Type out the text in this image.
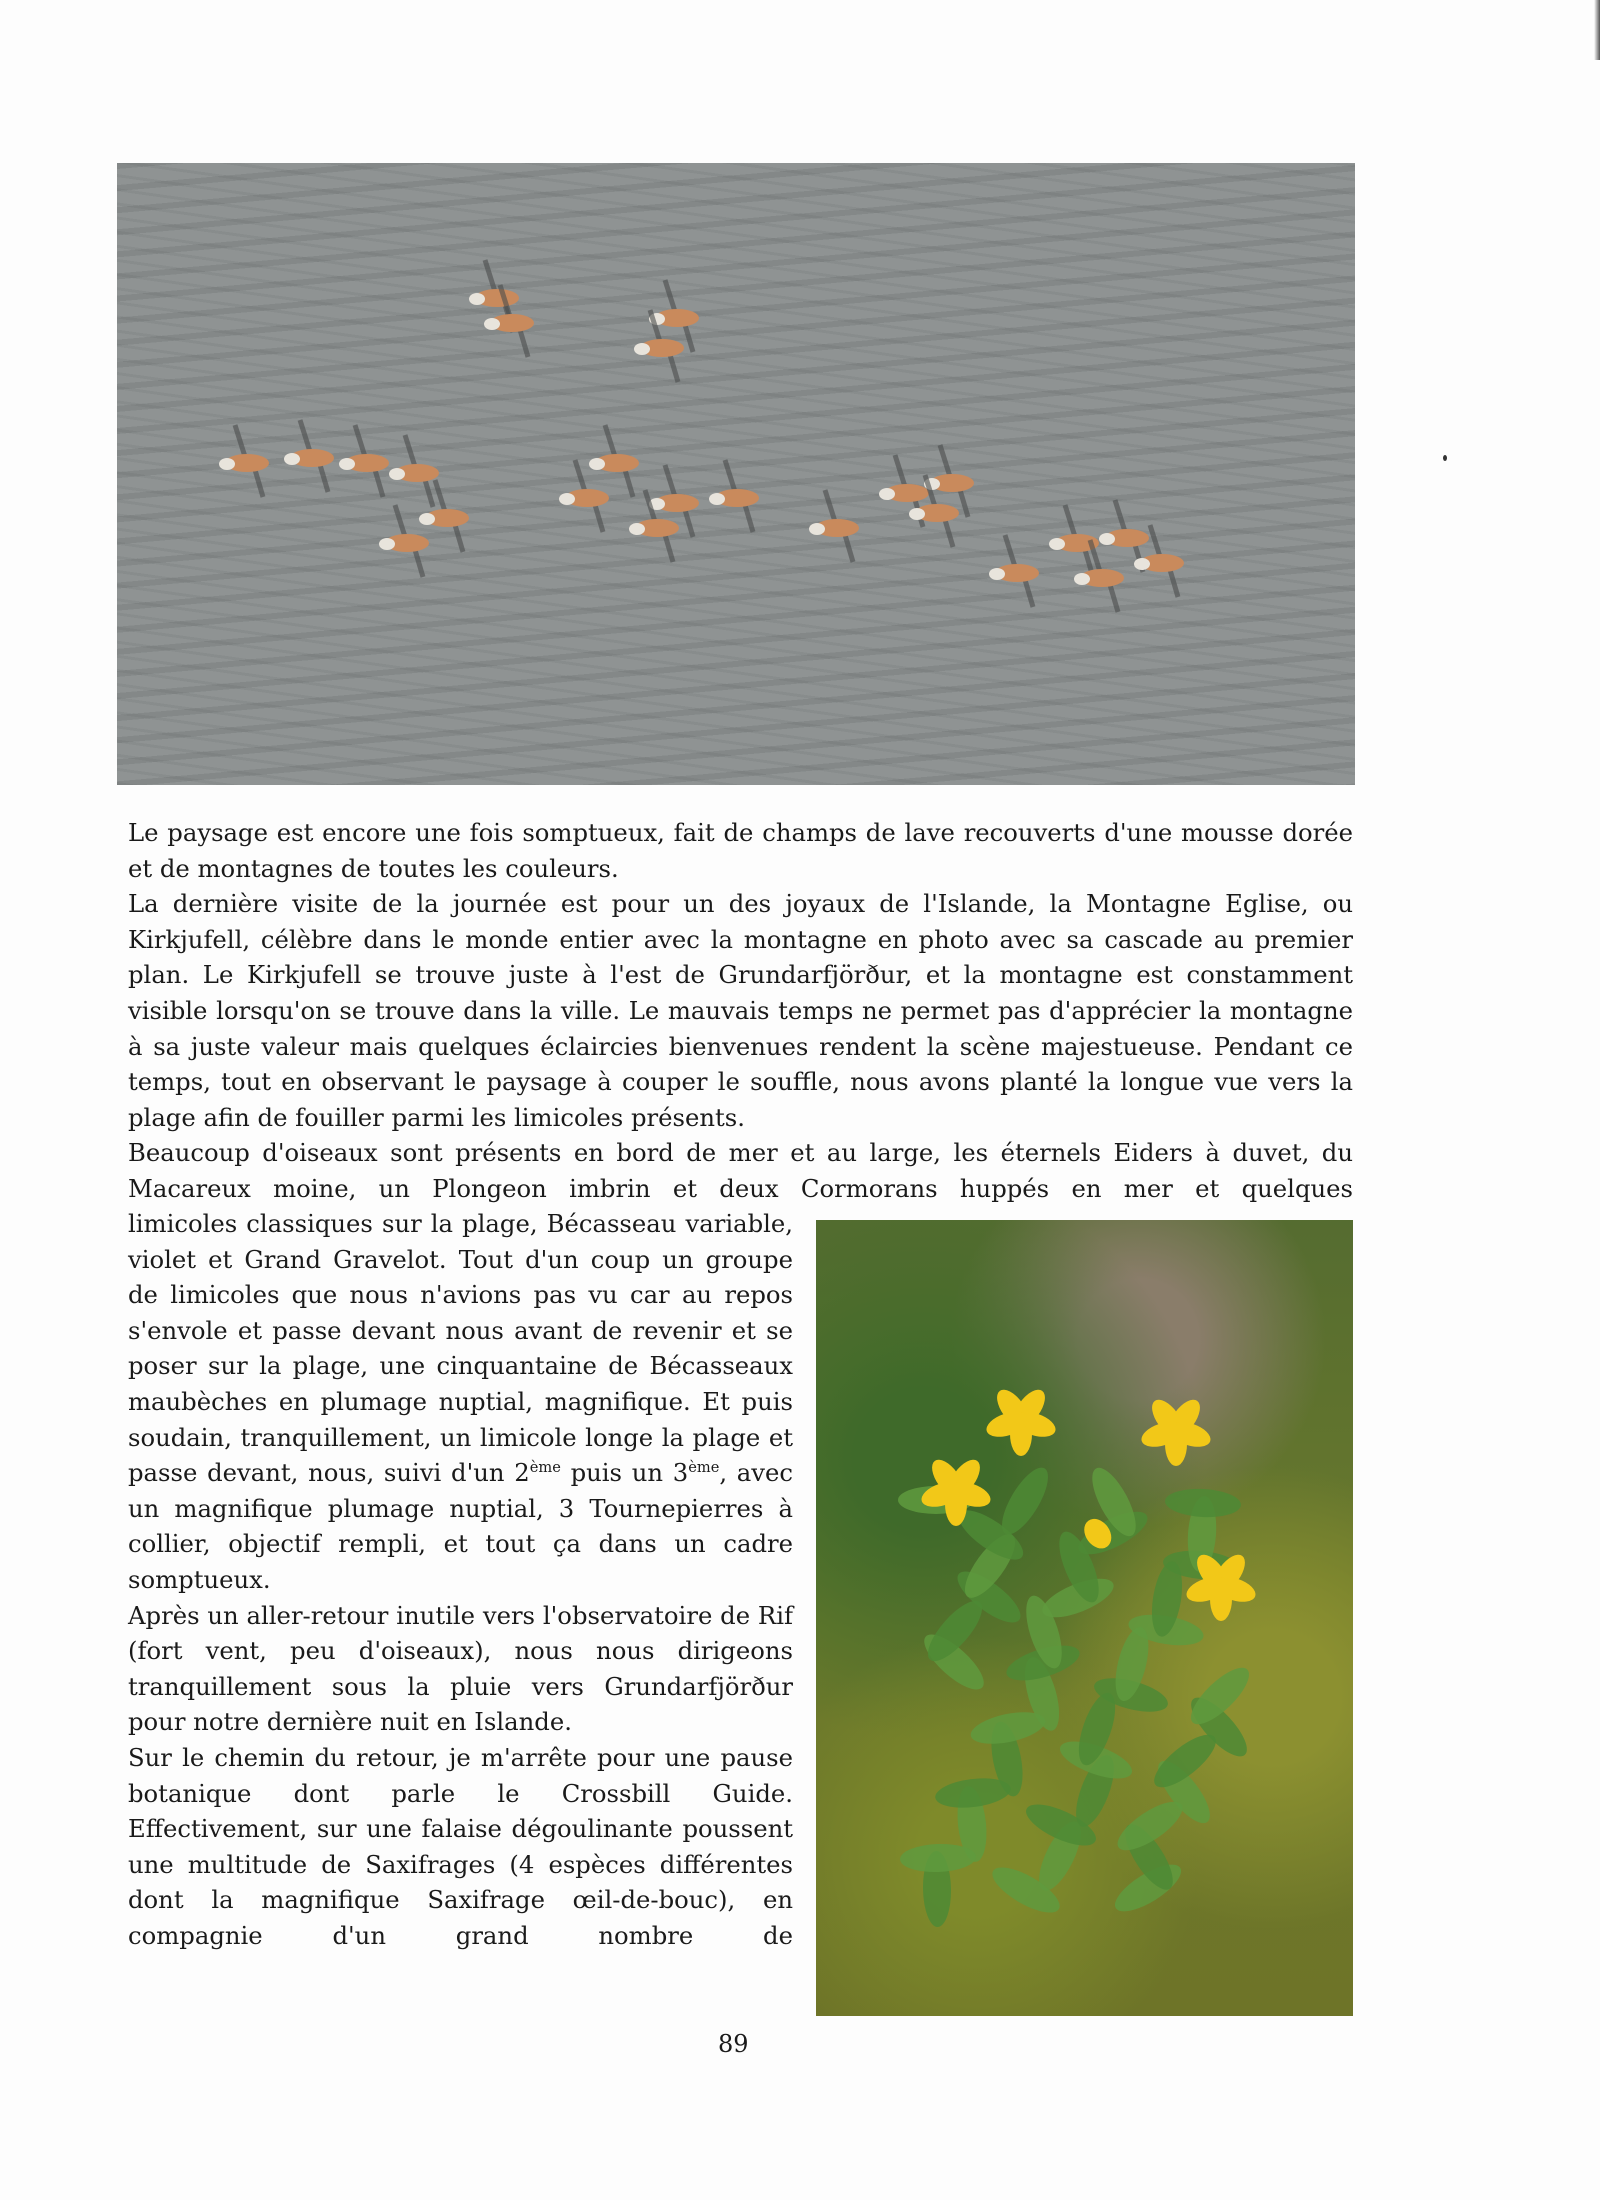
Le paysage est encore une fois somptueux, fait de champs de lave recouverts d'une mousse dorée et de montagnes de toutes les couleurs.

La dernière visite de la journée est pour un des joyaux de l'Islande, la Montagne Eglise, ou Kirkjufell, célèbre dans le monde entier avec la montagne en photo avec sa cascade au premier plan. Le Kirkjufell se trouve juste à l'est de Grundarfjörður, et la montagne est constamment visible lorsqu'on se trouve dans la ville. Le mauvais temps ne permet pas d'apprécier la montagne à sa juste valeur mais quelques éclaircies bienvenues rendent la scène majestueuse. Pendant ce temps, tout en observant le paysage à couper le souffle, nous avons planté la longue vue vers la plage afin de fouiller parmi les limicoles présents.

Beaucoup d'oiseaux sont présents en bord de mer et au large, les éternels Eiders à duvet, du Macareux moine, un Plongeon imbrin et deux Cormorans huppés en mer et quelques

limicoles classiques sur la plage, Bécasseau variable, violet et Grand Gravelot. Tout d'un coup un groupe de limicoles que nous n'avions pas vu car au repos s'envole et passe devant nous avant de revenir et se poser sur la plage, une cinquantaine de Bécasseaux maubèches en plumage nuptial, magnifique. Et puis soudain, tranquillement, un limicole longe la plage et passe devant, nous, suivi d'un 2ème puis un 3ème, avec un magnifique plumage nuptial, 3 Tournepierres à collier, objectif rempli, et tout ça dans un cadre somptueux.

Après un aller-retour inutile vers l'observatoire de Rif (fort vent, peu d'oiseaux), nous nous dirigeons tranquillement sous la pluie vers Grundarfjörður pour notre dernière nuit en Islande.

Sur le chemin du retour, je m'arrête pour une pause botanique dont parle le Crossbill Guide. Effectivement, sur une falaise dégoulinante poussent une multitude de Saxifrages (4 espèces différentes dont la magnifique Saxifrage œil-de-bouc), en compagnie d'un grand nombre de

89
